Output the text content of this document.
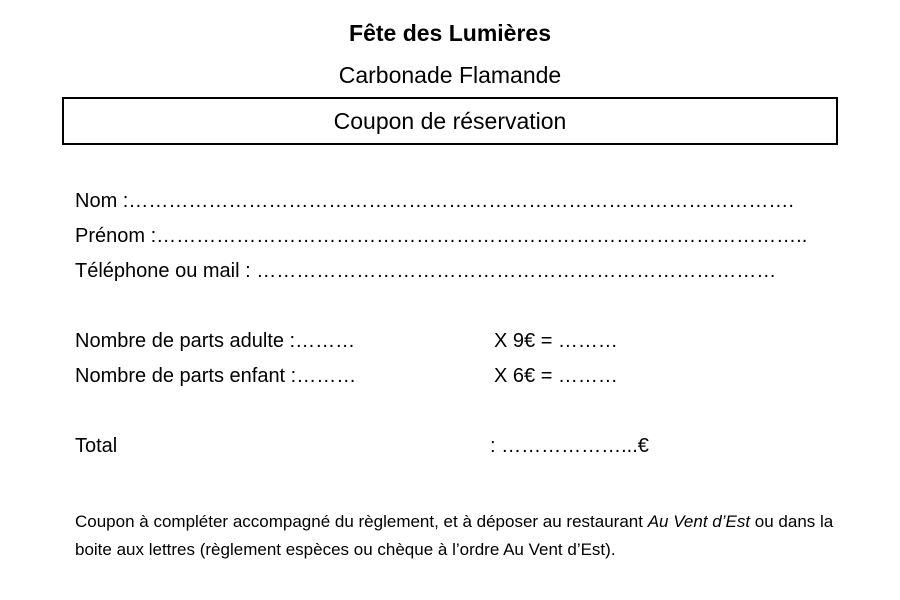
Fête des Lumières
Carbonade Flamande
Coupon de réservation
Nom :……………………………………………………………………………………….
Prénom :……………………………………………………………………………………..
Téléphone ou mail : ……………………………………………………………………
Nombre de parts adulte :………	X 9€ = ………
Nombre de parts enfant :………	X 6€ = ………
Total	: ………………...€
Coupon à compléter accompagné du règlement, et à déposer au restaurant Au Vent d’Est ou dans la boite aux lettres (règlement espèces ou chèque à l’ordre Au Vent d’Est).
